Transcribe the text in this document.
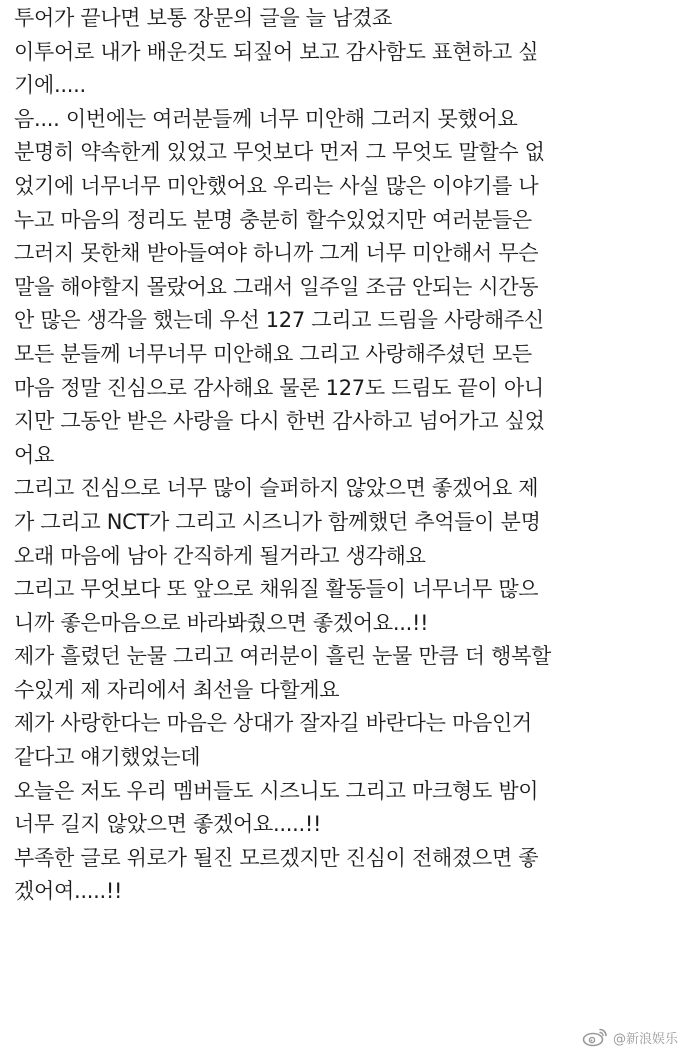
투어가 끝나면 보통 장문의 글을 늘 남겼죠
이투어로 내가 배운것도 되짚어 보고 감사함도 표현하고 싶
기에.....
음.... 이번에는 여러분들께 너무 미안해 그러지 못했어요
분명히 약속한게 있었고 무엇보다 먼저 그 무엇도 말할수 없
었기에 너무너무 미안했어요 우리는 사실 많은 이야기를 나
누고 마음의 정리도 분명 충분히 할수있었지만 여러분들은
그러지 못한채 받아들여야 하니까 그게 너무 미안해서 무슨
말을 해야할지 몰랐어요 그래서 일주일 조금 안되는 시간동
안 많은 생각을 했는데 우선 127 그리고 드림을 사랑해주신
모든 분들께 너무너무 미안해요 그리고 사랑해주셨던 모든
마음 정말 진심으로 감사해요 물론 127도 드림도 끝이 아니
지만 그동안 받은 사랑을 다시 한번 감사하고 넘어가고 싶었
어요
그리고 진심으로 너무 많이 슬퍼하지 않았으면 좋겠어요 제
가 그리고 NCT가 그리고 시즈니가 함께했던 추억들이 분명
오래 마음에 남아 간직하게 될거라고 생각해요
그리고 무엇보다 또 앞으로 채워질 활동들이 너무너무 많으
니까 좋은마음으로 바라봐줬으면 좋겠어요...!!
제가 흘렸던 눈물 그리고 여러분이 흘린 눈물 만큼 더 행복할
수있게 제 자리에서 최선을 다할게요
제가 사랑한다는 마음은 상대가 잘자길 바란다는 마음인거
같다고 얘기했었는데
오늘은 저도 우리 멤버들도 시즈니도 그리고 마크형도 밤이
너무 길지 않았으면 좋겠어요.....!!
부족한 글로 위로가 될진 모르겠지만 진심이 전해졌으면 좋
겠어여.....!!
@新浪娱乐
